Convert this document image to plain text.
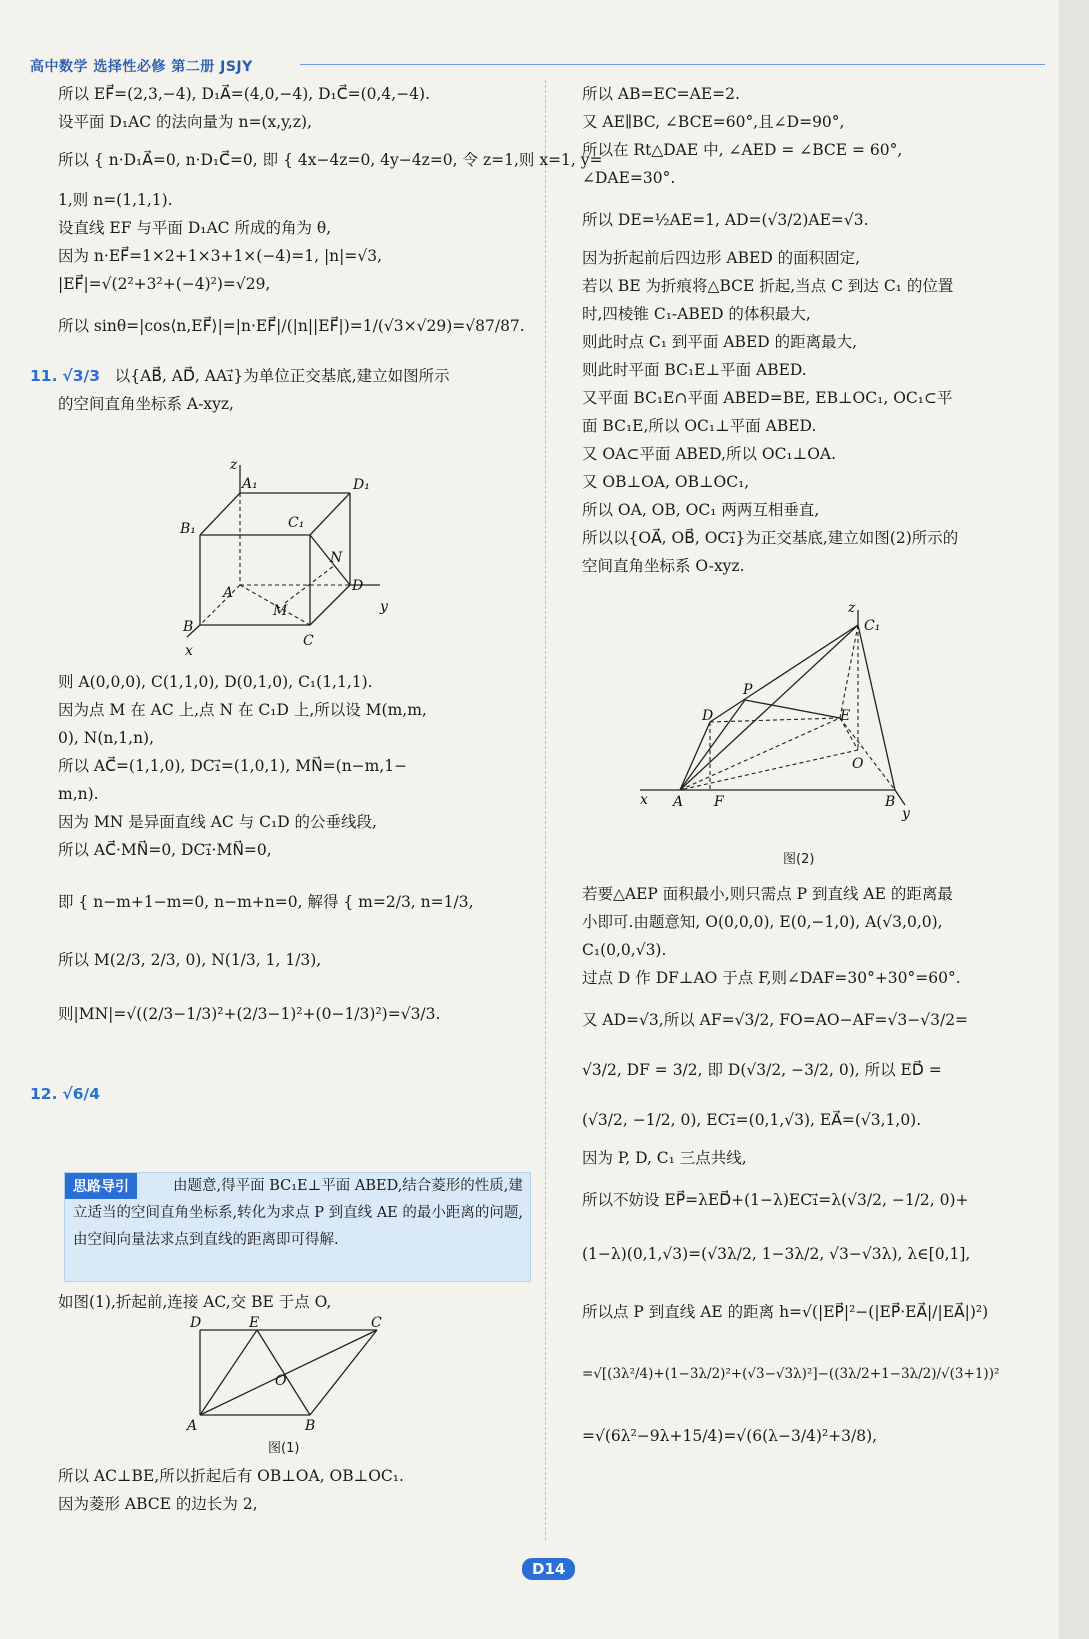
高中数学 选择性必修 第二册 JSJY

所以 EF⃗=(2,3,−4), D₁A⃗=(4,0,−4), D₁C⃗=(0,4,−4).

设平面 D₁AC 的法向量为 n=(x,y,z),

所以 { n·D₁A⃗=0, n·D₁C⃗=0, 即 { 4x−4z=0, 4y−4z=0, 令 z=1,则 x=1, y=

1,则 n=(1,1,1).

设直线 EF 与平面 D₁AC 所成的角为 θ,

因为 n·EF⃗=1×2+1×3+1×(−4)=1, |n|=√3,

|EF⃗|=√(2²+3²+(−4)²)=√29,

所以 sinθ=|cos⟨n,EF⃗⟩|=|n·EF⃗|/(|n||EF⃗|)=1/(√3×√29)=√87/87.

11. √3/3 以{AB⃗, AD⃗, AA₁⃗}为单位正交基底,建立如图所示

的空间直角坐标系 A-xyz,

z
A₁	D₁
B₁	C₁
N
A	D
y
M
B
C
x

则 A(0,0,0), C(1,1,0), D(0,1,0), C₁(1,1,1).

因为点 M 在 AC 上,点 N 在 C₁D 上,所以设 M(m,m,

0), N(n,1,n),

所以 AC⃗=(1,1,0), DC₁⃗=(1,0,1), MN⃗=(n−m,1−

m,n).

因为 MN 是异面直线 AC 与 C₁D 的公垂线段,

所以 AC⃗·MN⃗=0, DC₁⃗·MN⃗=0,

即 { n−m+1−m=0, n−m+n=0, 解得 { m=2/3, n=1/3,

所以 M(2/3, 2/3, 0), N(1/3, 1, 1/3),

则|MN|=√((2/3−1/3)²+(2/3−1)²+(0−1/3)²)=√3/3.

12. √6/4

思路导引	由题意,得平面 BC₁E⊥平面 ABED,结合菱形的性质,建立适当的空间直角坐标系,转化为求点 P 到直线 AE 的最小距离的问题,由空间向量法求点到直线的距离即可得解.

如图(1),折起前,连接 AC,交 BE 于点 O,

D	E	C
O
A	B
图(1)

所以 AC⊥BE,所以折起后有 OB⊥OA, OB⊥OC₁.

因为菱形 ABCE 的边长为 2,

所以 AB=EC=AE=2.

又 AE∥BC, ∠BCE=60°,且∠D=90°,

所以在 Rt△DAE 中, ∠AED = ∠BCE = 60°,

∠DAE=30°.

所以 DE=½AE=1, AD=(√3/2)AE=√3.

因为折起前后四边形 ABED 的面积固定,

若以 BE 为折痕将△BCE 折起,当点 C 到达 C₁ 的位置

时,四棱锥 C₁-ABED 的体积最大,

则此时点 C₁ 到平面 ABED 的距离最大,

则此时平面 BC₁E⊥平面 ABED.

又平面 BC₁E∩平面 ABED=BE, EB⊥OC₁, OC₁⊂平

面 BC₁E,所以 OC₁⊥平面 ABED.

又 OA⊂平面 ABED,所以 OC₁⊥OA.

又 OB⊥OA, OB⊥OC₁,

所以 OA, OB, OC₁ 两两互相垂直,

所以以{OA⃗, OB⃗, OC₁⃗}为正交基底,建立如图(2)所示的

空间直角坐标系 O-xyz.

z
C₁
P
D	E
O
x A F	B
y
图(2)

若要△AEP 面积最小,则只需点 P 到直线 AE 的距离最

小即可.由题意知, O(0,0,0), E(0,−1,0), A(√3,0,0),

C₁(0,0,√3).

过点 D 作 DF⊥AO 于点 F,则∠DAF=30°+30°=60°.

又 AD=√3,所以 AF=√3/2, FO=AO−AF=√3−√3/2=

√3/2, DF = 3/2, 即 D(√3/2, −3/2, 0), 所以 ED⃗ =

(√3/2, −1/2, 0), EC₁⃗=(0,1,√3), EA⃗=(√3,1,0).

因为 P, D, C₁ 三点共线,

所以不妨设 EP⃗=λED⃗+(1−λ)EC₁⃗=λ(√3/2, −1/2, 0)+

(1−λ)(0,1,√3)=(√3λ/2, 1−3λ/2, √3−√3λ), λ∈[0,1],

所以点 P 到直线 AE 的距离 h=√(|EP⃗|²−(|EP⃗·EA⃗|/|EA⃗|)²)

=√[(3λ²/4)+(1−3λ/2)²+(√3−√3λ)²]−((3λ/2+1−3λ/2)/√(3+1))²

=√(6λ²−9λ+15/4)=√(6(λ−3/4)²+3/8),

D14
